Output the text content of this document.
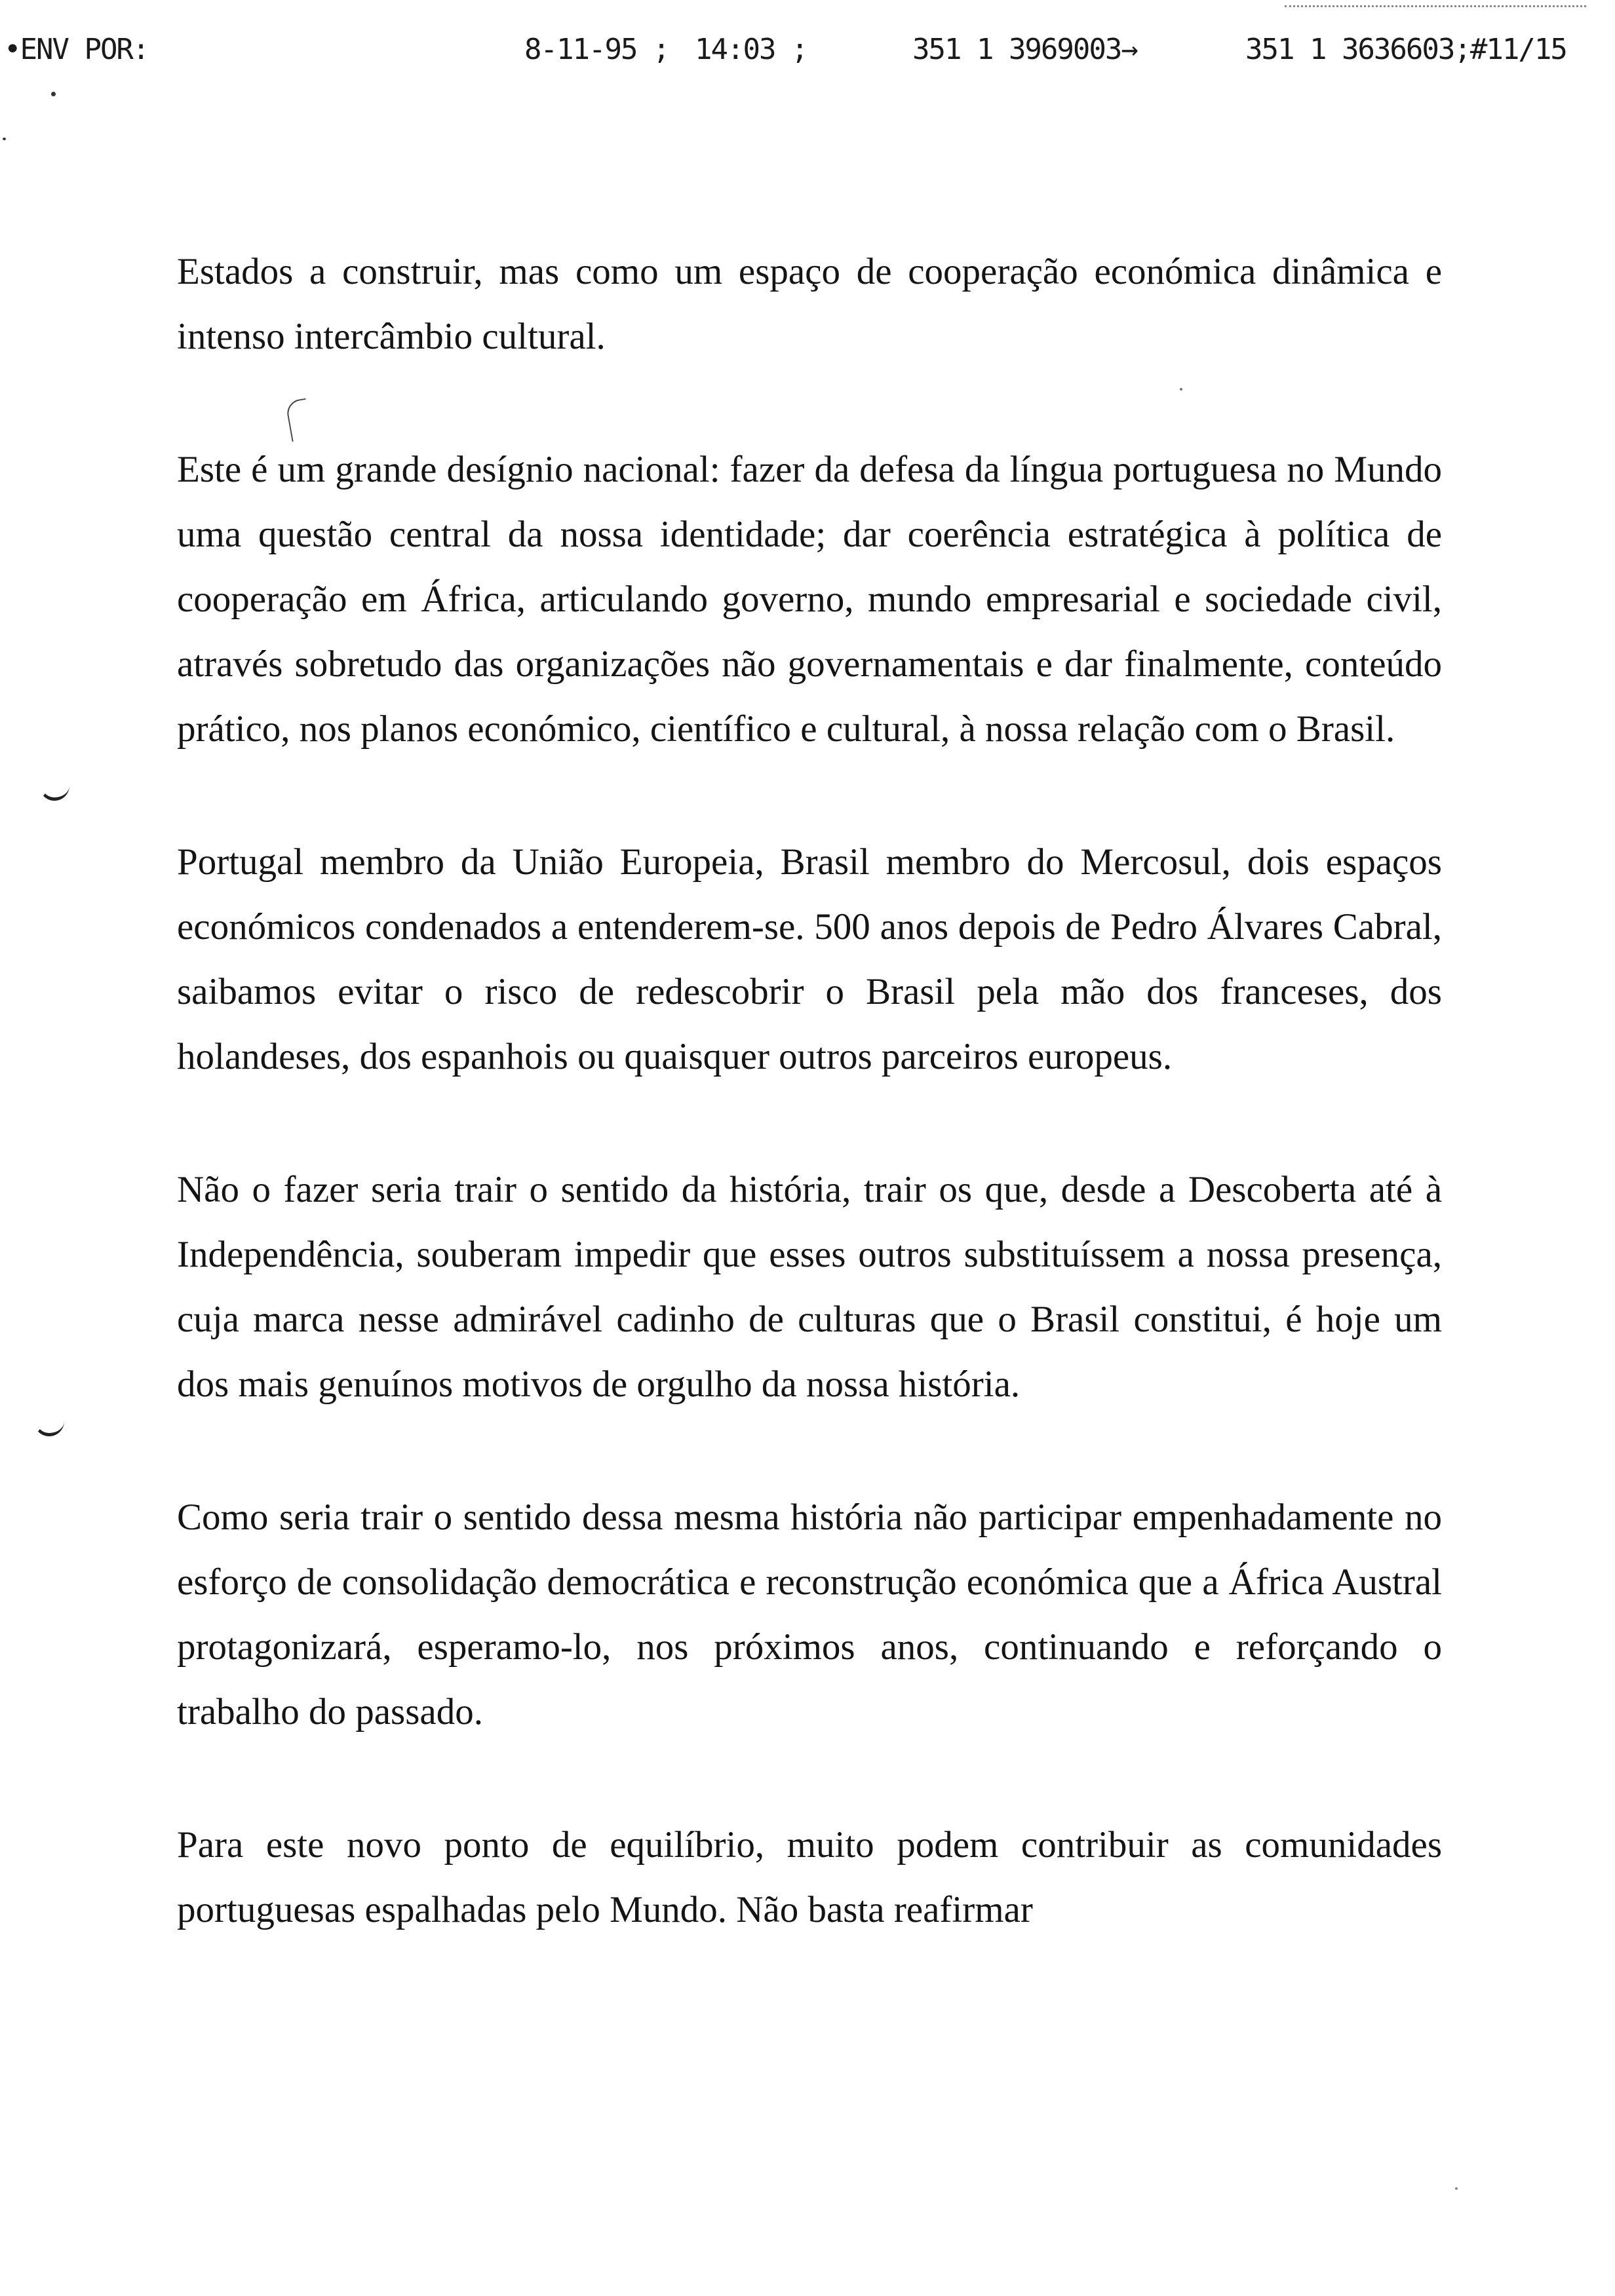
•ENV POR:	8-11-95 ; 14:03 ;	351 1 3969003→	351 1 3636603;#11/15

Estados a construir, mas como um espaço de cooperação económica dinâmica e intenso intercâmbio cultural.

Este é um grande desígnio nacional: fazer da defesa da língua portuguesa no Mundo uma questão central da nossa identidade; dar coerência estratégica à política de cooperação em África, articulando governo, mundo empresarial e sociedade civil, através sobretudo das organizações não governamentais e dar finalmente, conteúdo prático, nos planos económico, científico e cultural, à nossa relação com o Brasil.

Portugal membro da União Europeia, Brasil membro do Mercosul, dois espaços económicos condenados a entenderem-se. 500 anos depois de Pedro Álvares Cabral, saibamos evitar o risco de redescobrir o Brasil pela mão dos franceses, dos holandeses, dos espanhois ou quaisquer outros parceiros europeus.

Não o fazer seria trair o sentido da história, trair os que, desde a Descoberta até à Independência, souberam impedir que esses outros substituíssem a nossa presença, cuja marca nesse admirável cadinho de culturas que o Brasil constitui, é hoje um dos mais genuínos motivos de orgulho da nossa história.

Como seria trair o sentido dessa mesma história não participar empenhadamente no esforço de consolidação democrática e reconstrução económica que a África Austral protagonizará, esperamo-lo, nos próximos anos, continuando e reforçando o trabalho do passado.

Para este novo ponto de equilíbrio, muito podem contribuir as comunidades portuguesas espalhadas pelo Mundo. Não basta reafirmar
